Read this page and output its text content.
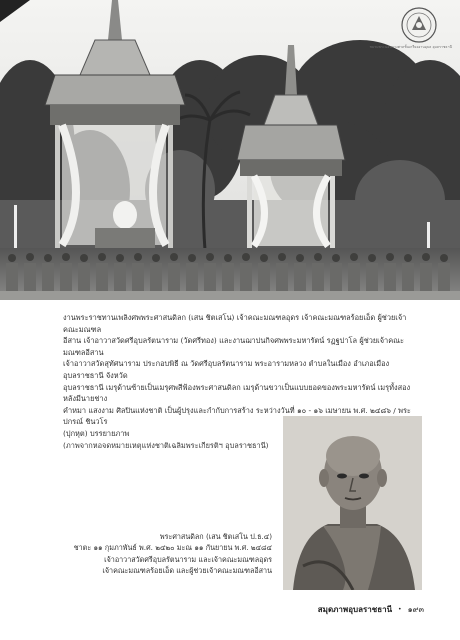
ชมรมพระนอนบางศาลชั้นเกรียงอานอุบล อุบลราชธานี

งานพระราชทานเพลิงศพพระศาสนดิลก (เสน ชิตเสโน) เจ้าคณะมณฑลอุดร เจ้าคณะมณฑลร้อยเอ็ด ผู้ช่วยเจ้าคณะมณฑล

อีสาน เจ้าอาวาสวัดศรีอุบลรัตนาราม (วัดศรีทอง) และงานฌาปนกิจศพพระมหารัตน์ รฏฐปาโล ผู้ช่วยเจ้าคณะมณฑลอีสาน

เจ้าอาวาสวัดสุทัศนาราม ประกอบพิธี ณ วัดศรีอุบลรัตนาราม พระอารามหลวง ตำบลในเมือง อำเภอเมืองอุบลราชธานี จังหวัด

อุบลราชธานี เมรุด้านซ้ายเป็นเมรุศพสีฟ้องพระศาสนดิลก เมรุด้านขวาเป็นแบบยอดของพระมหารัตน์ เมรุทั้งสองหลังมีนายช่าง

คำหมา แสงงาม ศิลปินแห่งชาติ เป็นผู้ปรุงและกำกับการสร้าง ระหว่างวันที่ ๑๐ - ๑๖ เมษายน พ.ศ. ๒๔๘๖ / พระปกรณ์ ชินวโร

(ปุกหุต) บรรยายภาพ

(ภาพจากหอจดหมายเหตุแห่งชาติเฉลิมพระเกียรติฯ อุบลราชธานี)

พระศาสนดิลก (เสน ชิตเสโน ป.ธ.๔)

ชาตะ ๑๑ กุมภาพันธ์ พ.ศ. ๒๔๒๐ มะณ ๑๑ กันยายน พ.ศ. ๒๔๘๔

เจ้าอาวาสวัดศรีอุบลรัตนาราม และเจ้าคณะมณฑลอุดร

เจ้าคณะมณฑลร้อยเอ็ด และผู้ช่วยเจ้าคณะมณฑลอีสาน

สมุดภาพอุบลราชธานี • ๑๙๓
